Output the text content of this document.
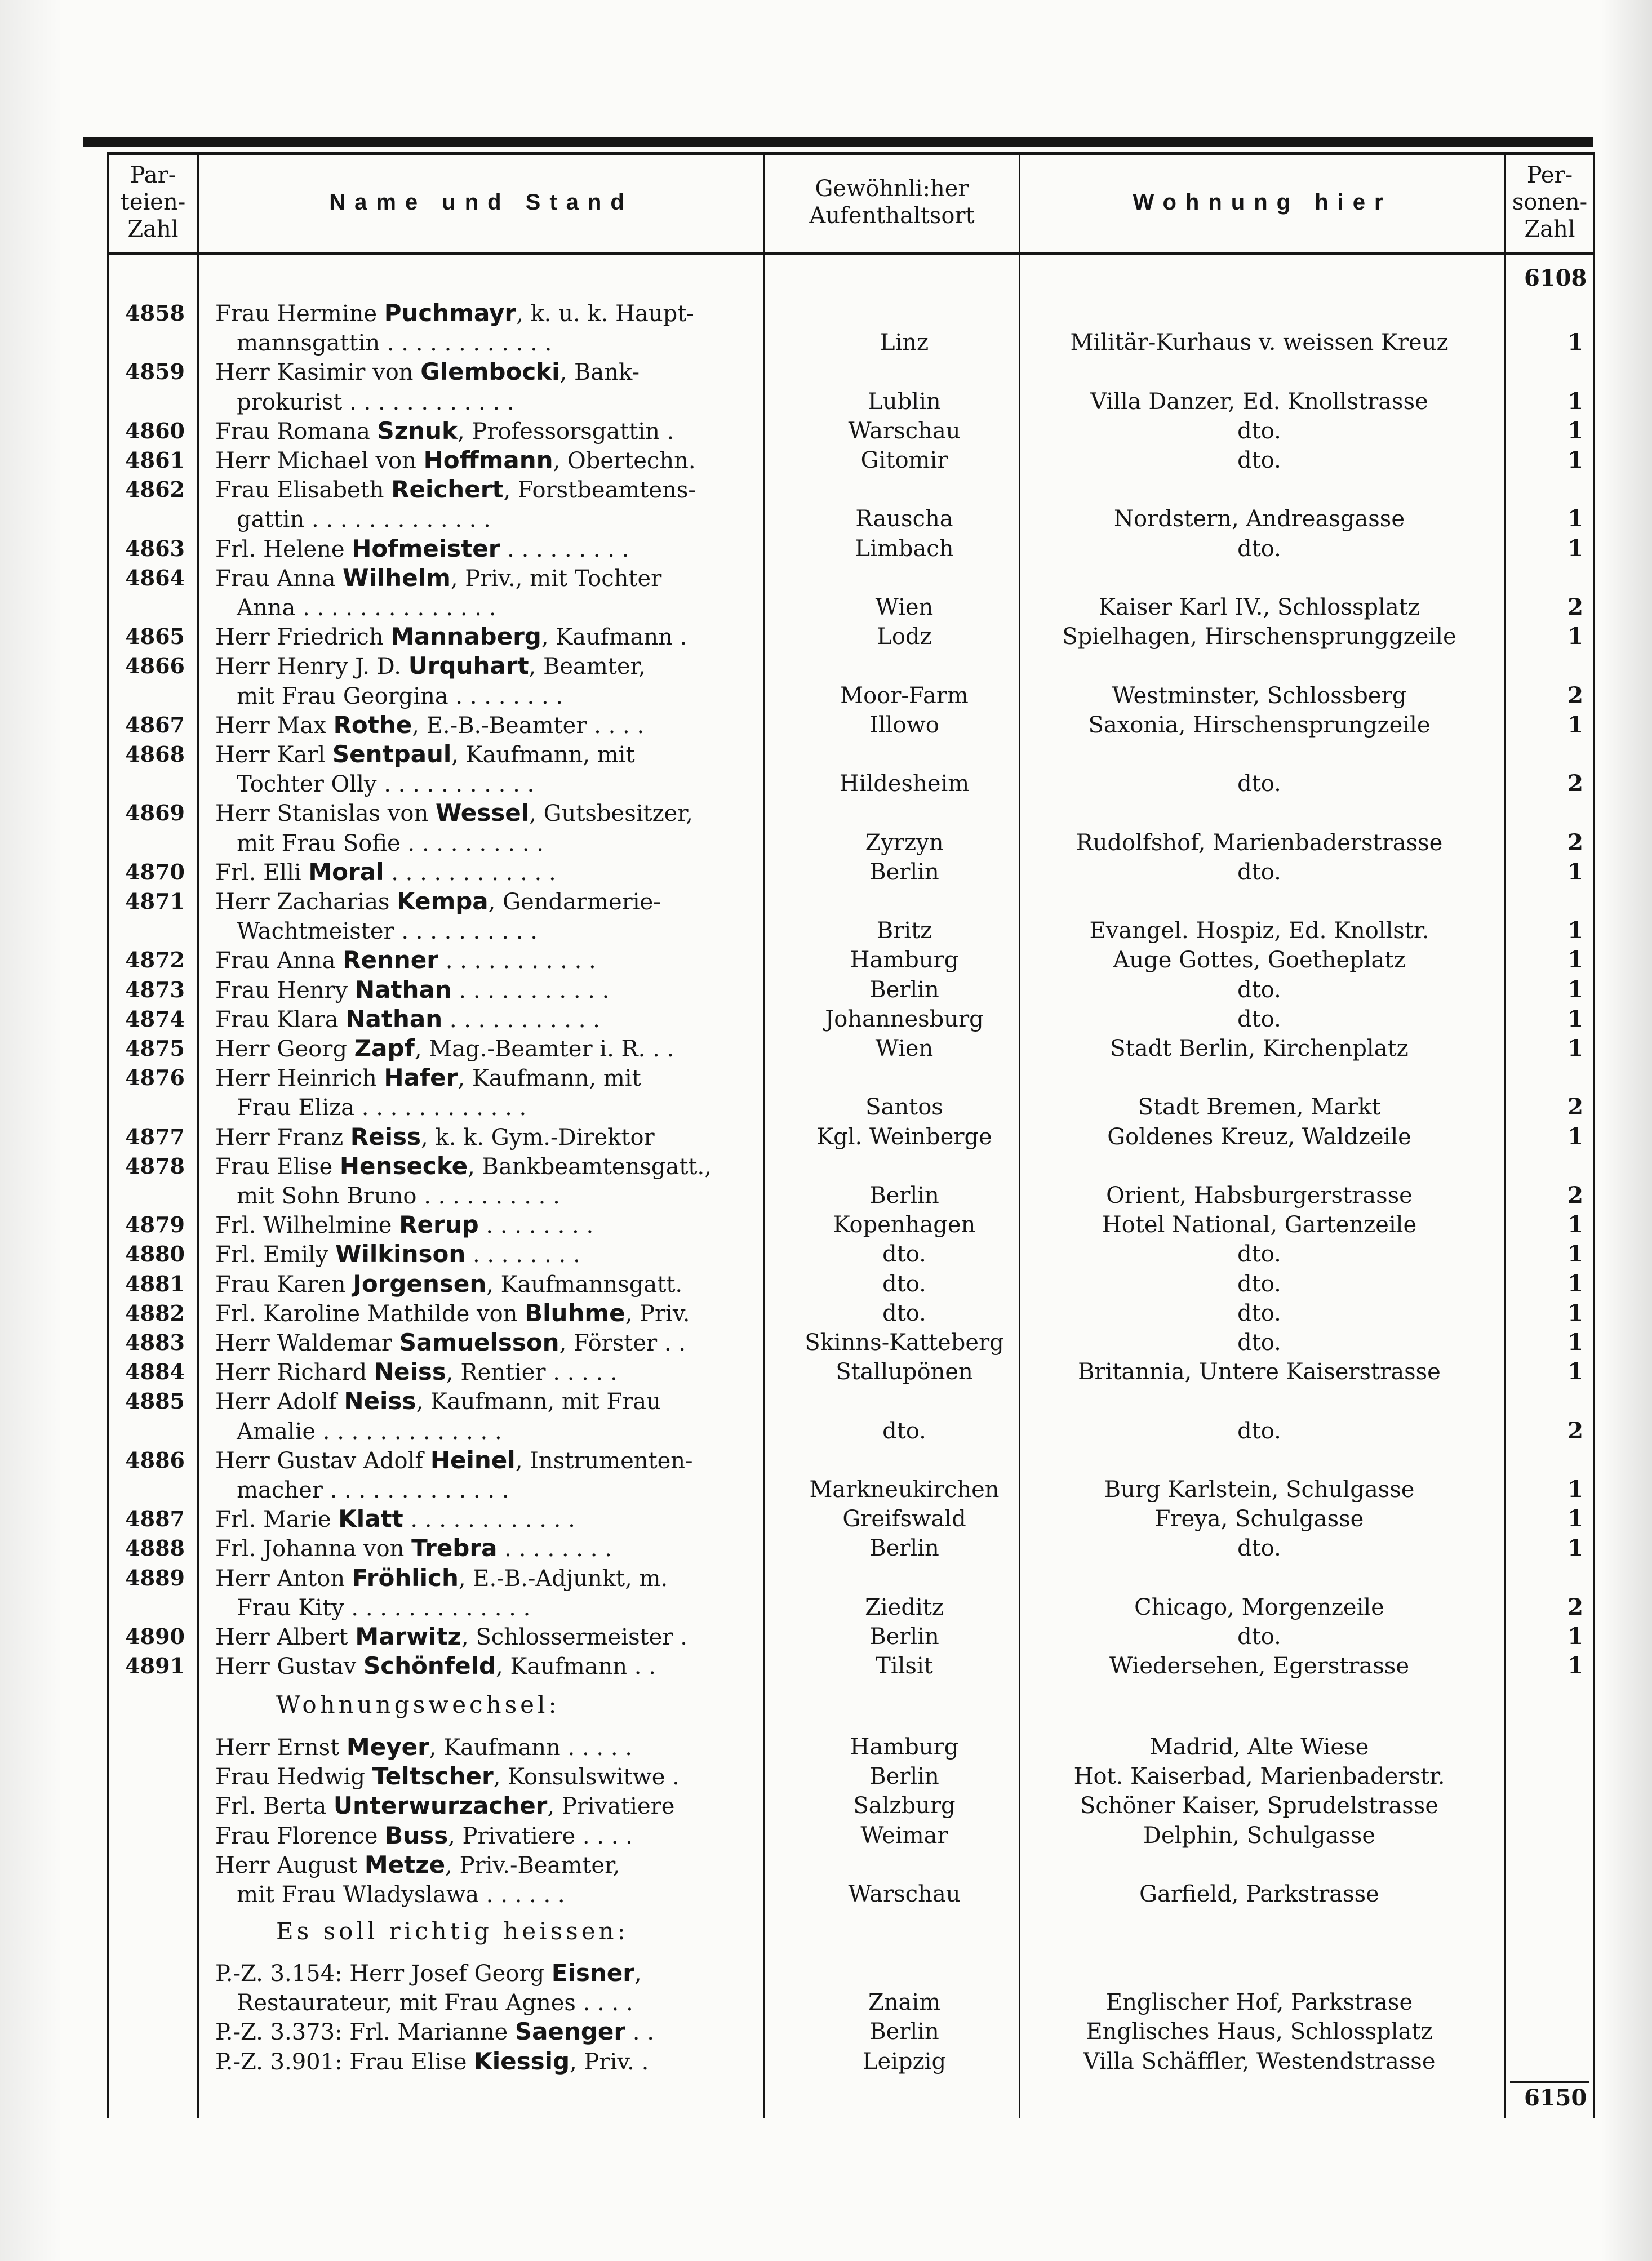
Par-
teien-
Zahl
Name und Stand
Gewöhnli:her
Aufenthaltsort
Wohnung hier
Per-
sonen-
Zahl
6108
6150
4858 Frau Hermine Puchmayr, k. u. k. Haupt-
mannsgattin . . . . . . . . . . . .	Linz	Militär-Kurhaus v. weissen Kreuz	1
4859 Herr Kasimir von Glembocki, Bank-
prokurist . . . . . . . . . . . .	Lublin	Villa Danzer, Ed. Knollstrasse	1
4860 Frau Romana Sznuk, Professorsgattin .	Warschau	dto.	1
4861 Herr Michael von Hoffmann, Obertechn.	Gitomir	dto.	1
4862 Frau Elisabeth Reichert, Forstbeamtens-
gattin . . . . . . . . . . . . .	Rauscha	Nordstern, Andreasgasse	1
4863 Frl. Helene Hofmeister . . . . . . . . .	Limbach	dto.	1
4864 Frau Anna Wilhelm, Priv., mit Tochter
Anna . . . . . . . . . . . . . .	Wien	Kaiser Karl IV., Schlossplatz	2
4865 Herr Friedrich Mannaberg, Kaufmann .	Lodz	Spielhagen, Hirschensprunggzeile	1
4866 Herr Henry J. D. Urquhart, Beamter,
mit Frau Georgina . . . . . . . .	Moor-Farm	Westminster, Schlossberg	2
4867 Herr Max Rothe, E.-B.-Beamter . . . .	Illowo	Saxonia, Hirschensprungzeile	1
4868 Herr Karl Sentpaul, Kaufmann, mit
Tochter Olly . . . . . . . . . . .	Hildesheim	dto.	2
4869 Herr Stanislas von Wessel, Gutsbesitzer,
mit Frau Sofie . . . . . . . . . .	Zyrzyn	Rudolfshof, Marienbaderstrasse	2
4870 Frl. Elli Moral . . . . . . . . . . . .	Berlin	dto.	1
4871 Herr Zacharias Kempa, Gendarmerie-
Wachtmeister . . . . . . . . . .	Britz	Evangel. Hospiz, Ed. Knollstr.	1
4872 Frau Anna Renner . . . . . . . . . . .	Hamburg	Auge Gottes, Goetheplatz	1
4873 Frau Henry Nathan . . . . . . . . . . .	Berlin	dto.	1
4874 Frau Klara Nathan . . . . . . . . . . .	Johannesburg	dto.	1
4875 Herr Georg Zapf, Mag.-Beamter i. R. . .	Wien	Stadt Berlin, Kirchenplatz	1
4876 Herr Heinrich Hafer, Kaufmann, mit
Frau Eliza . . . . . . . . . . . .	Santos	Stadt Bremen, Markt	2
4877 Herr Franz Reiss, k. k. Gym.-Direktor	Kgl. Weinberge	Goldenes Kreuz, Waldzeile	1
4878 Frau Elise Hensecke, Bankbeamtensgatt.,
mit Sohn Bruno . . . . . . . . . .	Berlin	Orient, Habsburgerstrasse	2
4879 Frl. Wilhelmine Rerup . . . . . . . .	Kopenhagen	Hotel National, Gartenzeile	1
4880 Frl. Emily Wilkinson . . . . . . . .	dto.	dto.	1
4881 Frau Karen Jorgensen, Kaufmannsgatt.	dto.	dto.	1
4882 Frl. Karoline Mathilde von Bluhme, Priv.	dto.	dto.	1
4883 Herr Waldemar Samuelsson, Förster . .	Skinns-Katteberg	dto.	1
4884 Herr Richard Neiss, Rentier . . . . .	Stallupönen	Britannia, Untere Kaiserstrasse	1
4885 Herr Adolf Neiss, Kaufmann, mit Frau
Amalie . . . . . . . . . . . . .	dto.	dto.	2
4886 Herr Gustav Adolf Heinel, Instrumenten-
macher . . . . . . . . . . . . .	Markneukirchen	Burg Karlstein, Schulgasse	1
4887 Frl. Marie Klatt . . . . . . . . . . . .	Greifswald	Freya, Schulgasse	1
4888 Frl. Johanna von Trebra . . . . . . . .	Berlin	dto.	1
4889 Herr Anton Fröhlich, E.-B.-Adjunkt, m.
Frau Kity . . . . . . . . . . . . .	Zieditz	Chicago, Morgenzeile	2
4890 Herr Albert Marwitz, Schlossermeister .	Berlin	dto.	1
4891 Herr Gustav Schönfeld, Kaufmann . .	Tilsit	Wiedersehen, Egerstrasse	1
Herr Ernst Meyer, Kaufmann . . . . .	Hamburg	Madrid, Alte Wiese
Frau Hedwig Teltscher, Konsulswitwe .	Berlin	Hot. Kaiserbad, Marienbaderstr.
Frl. Berta Unterwurzacher, Privatiere	Salzburg	Schöner Kaiser, Sprudelstrasse
Frau Florence Buss, Privatiere . . . .	Weimar	Delphin, Schulgasse
Herr August Metze, Priv.-Beamter,
mit Frau Wladyslawa . . . . . .	Warschau	Garfield, Parkstrasse
P.-Z. 3.154: Herr Josef Georg Eisner,
Restaurateur, mit Frau Agnes . . . .	Znaim	Englischer Hof, Parkstrase
P.-Z. 3.373: Frl. Marianne Saenger . .	Berlin	Englisches Haus, Schlossplatz
P.-Z. 3.901: Frau Elise Kiessig, Priv. .	Leipzig	Villa Schäffler, Westendstrasse
Wohnungswechsel:
Es soll richtig heissen:
